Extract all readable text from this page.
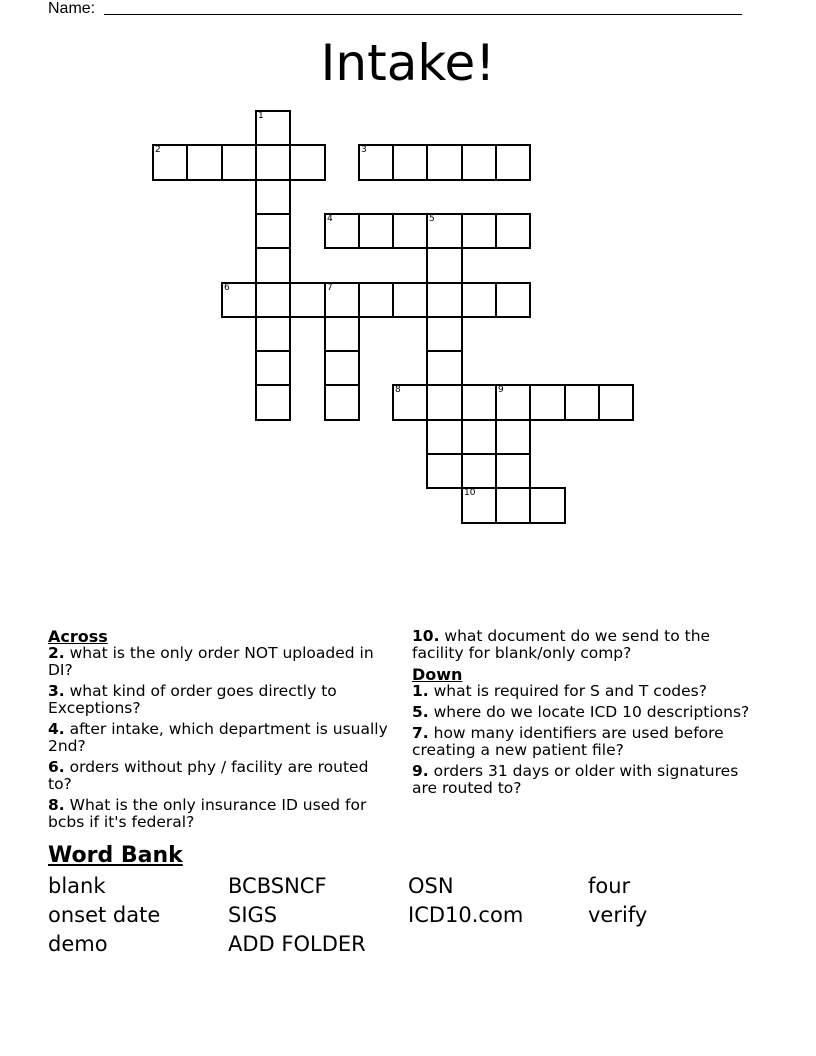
Name:
Intake!
1
2	3
4	5
6	7
8	9
10
Across
2. what is the only order NOT uploaded in DI?
3. what kind of order goes directly to Exceptions?
4. after intake, which department is usually 2nd?
6. orders without phy / facility are routed to?
8. What is the only insurance ID used for bcbs if it's federal?
10. what document do we send to the facility for blank/only comp?
Down
1. what is required for S and T codes?
5. where do we locate ICD 10 descriptions?
7. how many identifiers are used before creating a new patient file?
9. orders 31 days or older with signatures are routed to?
Word Bank
blank	BCBSNCF	OSN	four
onset date	SIGS	ICD10.com	verify
demo	ADD FOLDER
